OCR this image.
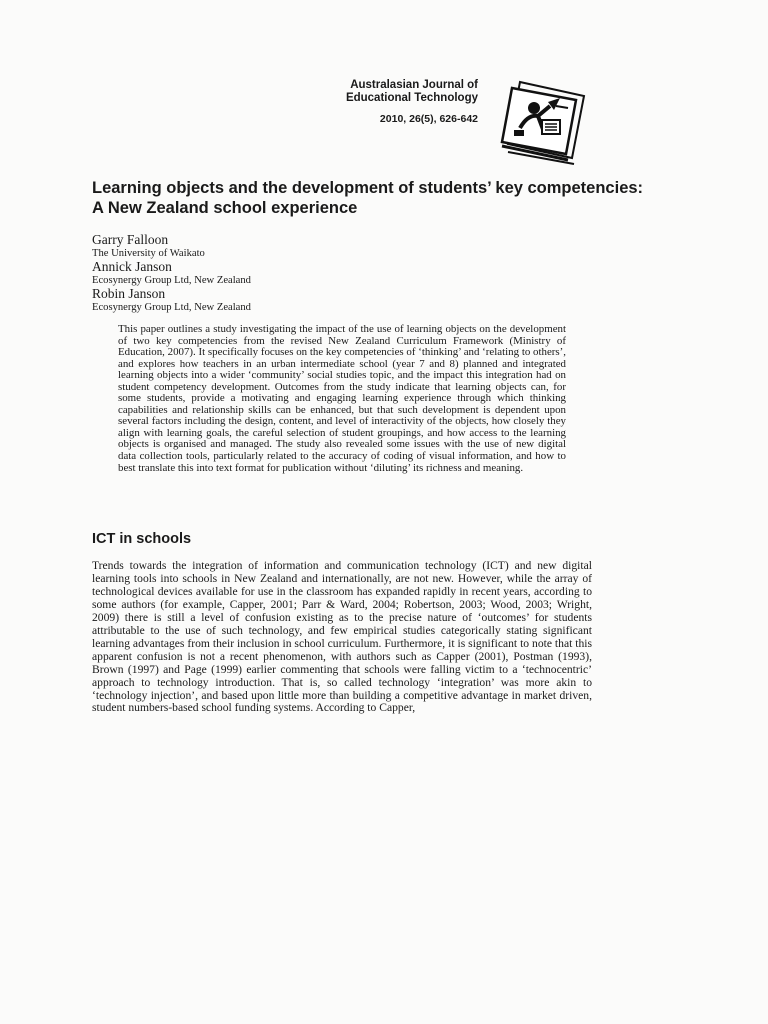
Australasian Journal of
Educational Technology
2010, 26(5), 626-642
Learning objects and the development of students’ key competencies: A New Zealand school experience
Garry Falloon
The University of Waikato
Annick Janson
Ecosynergy Group Ltd, New Zealand
Robin Janson
Ecosynergy Group Ltd, New Zealand

This paper outlines a study investigating the impact of the use of learning objects on the development of two key competencies from the revised New Zealand Curriculum Framework (Ministry of Education, 2007). It specifically focuses on the key competencies of ‘thinking’ and ‘relating to others’, and explores how teachers in an urban intermediate school (year 7 and 8) planned and integrated learning objects into a wider ‘community’ social studies topic, and the impact this integration had on student competency development. Outcomes from the study indicate that learning objects can, for some students, provide a motivating and engaging learning experience through which thinking capabilities and relationship skills can be enhanced, but that such development is dependent upon several factors including the design, content, and level of interactivity of the objects, how closely they align with learning goals, the careful selection of student groupings, and how access to the learning objects is organised and managed. The study also revealed some issues with the use of new digital data collection tools, particularly related to the accuracy of coding of visual information, and how to best translate this into text format for publication without ‘diluting’ its richness and meaning.

ICT in schools

Trends towards the integration of information and communication technology (ICT) and new digital learning tools into schools in New Zealand and internationally, are not new. However, while the array of technological devices available for use in the classroom has expanded rapidly in recent years, according to some authors (for example, Capper, 2001; Parr & Ward, 2004; Robertson, 2003; Wood, 2003; Wright, 2009) there is still a level of confusion existing as to the precise nature of ‘outcomes’ for students attributable to the use of such technology, and few empirical studies categorically stating significant learning advantages from their inclusion in school curriculum. Furthermore, it is significant to note that this apparent confusion is not a recent phenomenon, with authors such as Capper (2001), Postman (1993), Brown (1997) and Page (1999) earlier commenting that schools were falling victim to a ‘technocentric’ approach to technology introduction. That is, so called technology ‘integration’ was more akin to ‘technology injection’, and based upon little more than building a competitive advantage in market driven, student numbers-based school funding systems. According to Capper,
